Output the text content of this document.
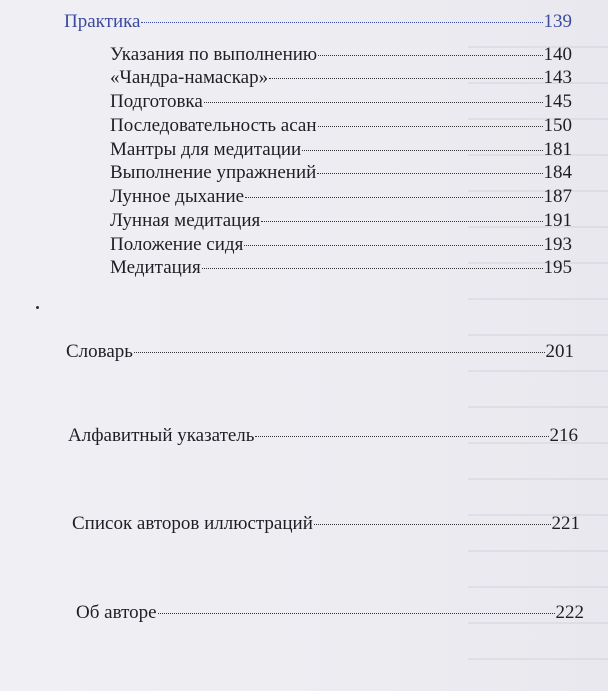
Практика	139
Указания по выполнению	140
«Чандра-намаскар»	143
Подготовка	145
Последовательность асан	150
Мантры для медитации	181
Выполнение упражнений	184
Лунное дыхание	187
Лунная медитация	191
Положение сидя	193
Медитация	195
Словарь	201
Алфавитный указатель	216
Список авторов иллюстраций	221
Об авторе	222
